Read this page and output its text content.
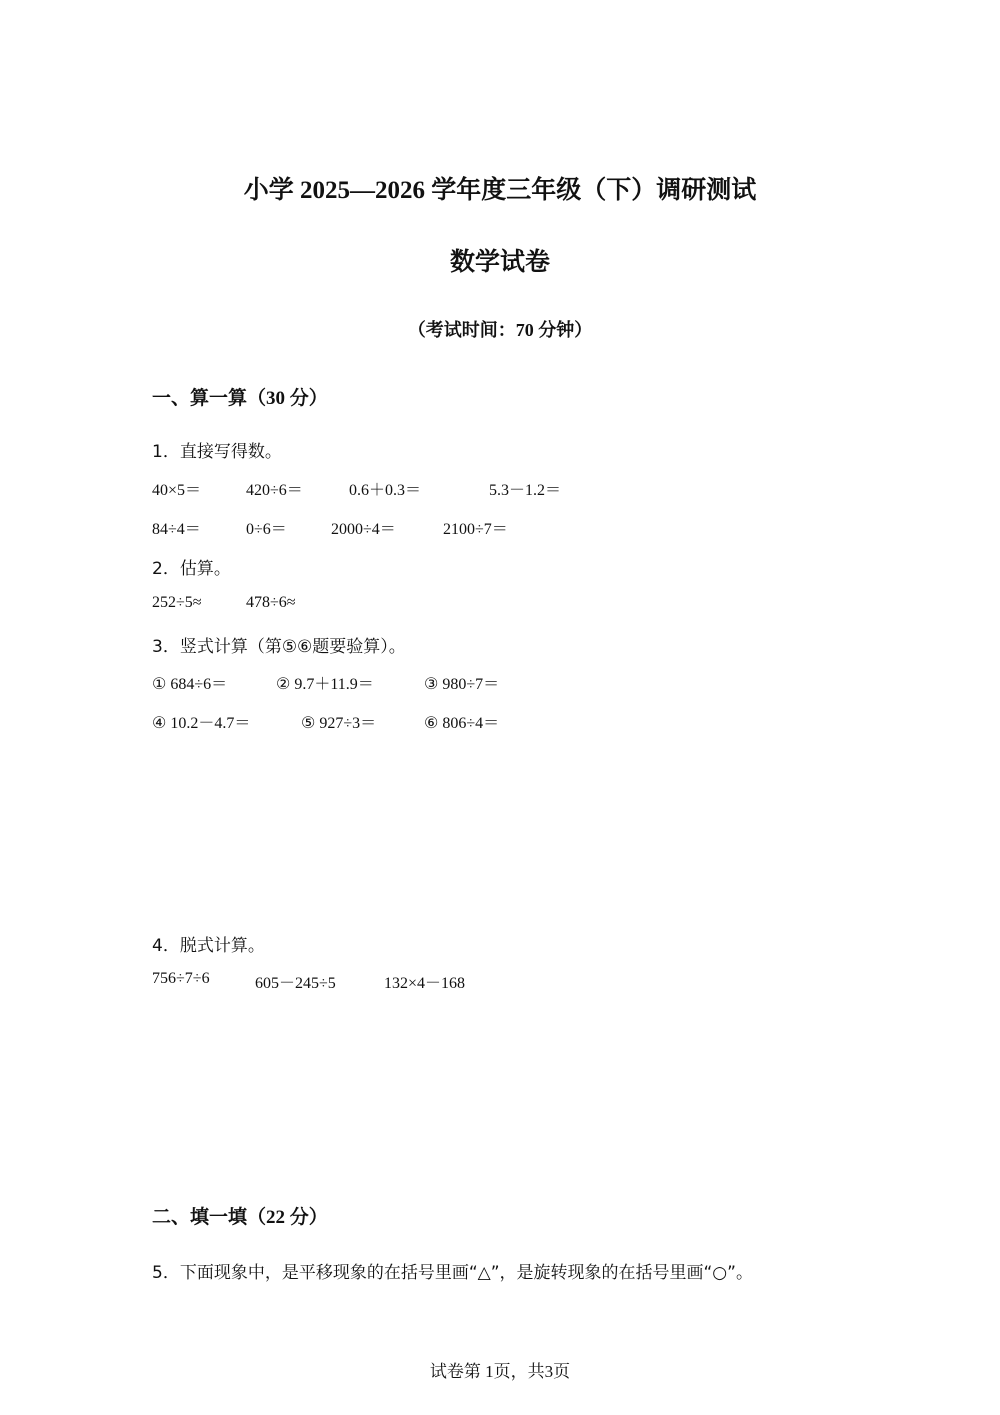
小学 2025—2026 学年度三年级（下）调研测试
数学试卷
（考试时间：70 分钟）
一、算一算（30 分）
1．直接写得数。
40×5＝	420÷6＝	0.6＋0.3＝	5.3－1.2＝
84÷4＝	0÷6＝	2000÷4＝	2100÷7＝
2．估算。
252÷5≈	478÷6≈
3．竖式计算（第⑤⑥题要验算）。
① 684÷6＝	② 9.7＋11.9＝	③ 980÷7＝
④ 10.2－4.7＝	⑤ 927÷3＝	⑥ 806÷4＝
4．脱式计算。
756÷7÷6	605－245÷5	132×4－168
二、填一填（22 分）
5．下面现象中，是平移现象的在括号里画“△”，是旋转现象的在括号里画“○”。
试卷第 1页，共3页
